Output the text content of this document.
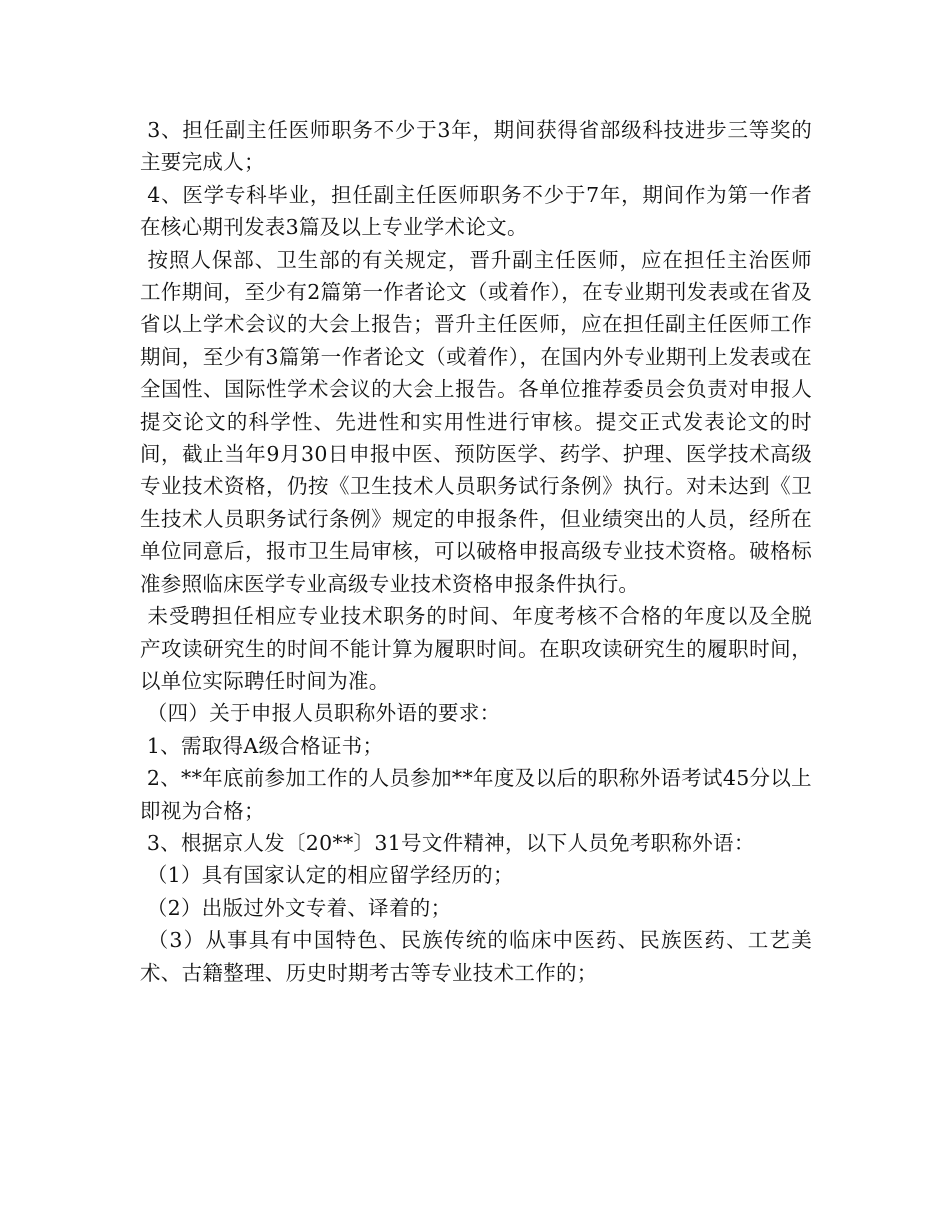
3、担任副主任医师职务不少于3年，期间获得省部级科技进步三等奖的主要完成人；

4、医学专科毕业，担任副主任医师职务不少于7年，期间作为第一作者在核心期刊发表3篇及以上专业学术论文。

按照人保部、卫生部的有关规定，晋升副主任医师，应在担任主治医师工作期间，至少有2篇第一作者论文（或着作），在专业期刊发表或在省及省以上学术会议的大会上报告；晋升主任医师，应在担任副主任医师工作期间，至少有3篇第一作者论文（或着作），在国内外专业期刊上发表或在全国性、国际性学术会议的大会上报告。各单位推荐委员会负责对申报人提交论文的科学性、先进性和实用性进行审核。提交正式发表论文的时间，截止当年9月30日申报中医、预防医学、药学、护理、医学技术高级专业技术资格，仍按《卫生技术人员职务试行条例》执行。对未达到《卫生技术人员职务试行条例》规定的申报条件，但业绩突出的人员，经所在单位同意后，报市卫生局审核，可以破格申报高级专业技术资格。破格标准参照临床医学专业高级专业技术资格申报条件执行。

未受聘担任相应专业技术职务的时间、年度考核不合格的年度以及全脱产攻读研究生的时间不能计算为履职时间。在职攻读研究生的履职时间，以单位实际聘任时间为准。

（四）关于申报人员职称外语的要求：

1、需取得A级合格证书；

2、**年底前参加工作的人员参加**年度及以后的职称外语考试45分以上即视为合格；

3、根据京人发〔20**〕31号文件精神，以下人员免考职称外语：

（1）具有国家认定的相应留学经历的；

（2）出版过外文专着、译着的；

（3）从事具有中国特色、民族传统的临床中医药、民族医药、工艺美术、古籍整理、历史时期考古等专业技术工作的；
